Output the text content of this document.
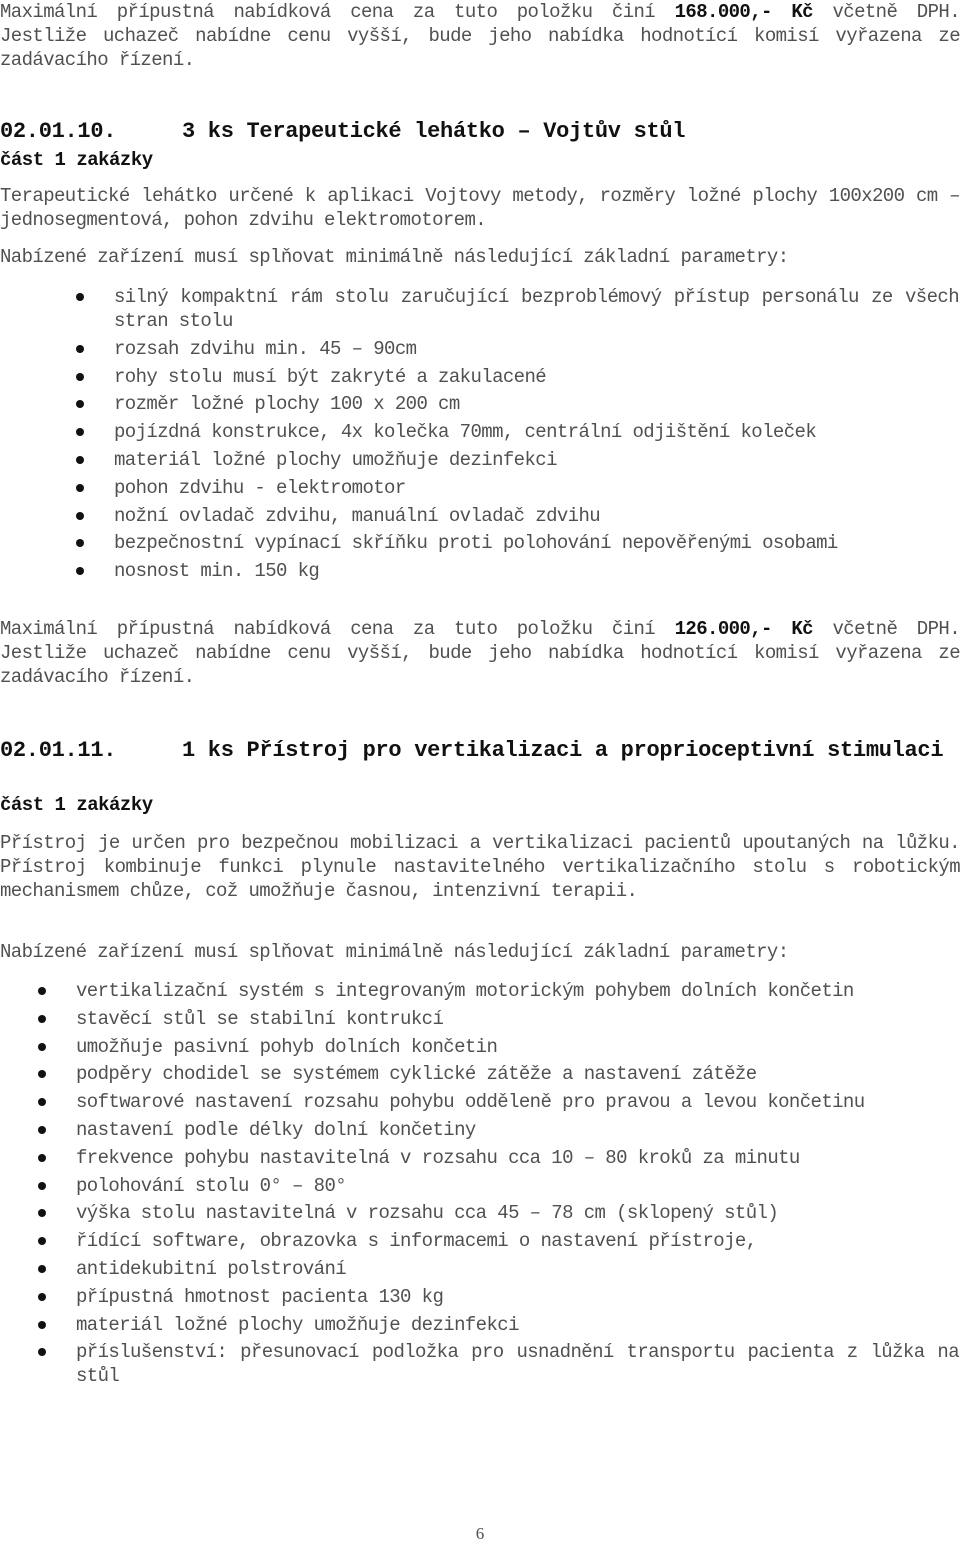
Maximální přípustná nabídková cena za tuto položku činí 168.000,- Kč včetně DPH. Jestliže uchazeč nabídne cenu vyšší, bude jeho nabídka hodnotící komisí vyřazena ze zadávacího řízení.

02.01.10.	3 ks Terapeutické lehátko – Vojtův stůl
část 1 zakázky

Terapeutické lehátko určené k aplikaci Vojtovy metody, rozměry ložné plochy 100x200 cm – jednosegmentová, pohon zdvihu elektromotorem.

Nabízené zařízení musí splňovat minimálně následující základní parametry:
silný kompaktní rám stolu zaručující bezproblémový přístup personálu ze všech stran stolu
rozsah zdvihu min. 45 – 90cm
rohy stolu musí být zakryté a zakulacené
rozměr ložné plochy 100 x 200 cm
pojízdná konstrukce, 4x kolečka 70mm, centrální odjištění koleček
materiál ložné plochy umožňuje dezinfekci
pohon zdvihu - elektromotor
nožní ovladač zdvihu, manuální ovladač zdvihu
bezpečnostní vypínací skříňku proti polohování nepověřenými osobami
nosnost min. 150 kg

Maximální přípustná nabídková cena za tuto položku činí 126.000,- Kč včetně DPH. Jestliže uchazeč nabídne cenu vyšší, bude jeho nabídka hodnotící komisí vyřazena ze zadávacího řízení.

02.01.11.	1 ks Přístroj pro vertikalizaci a proprioceptivní stimulaci
část 1 zakázky

Přístroj je určen pro bezpečnou mobilizaci a vertikalizaci pacientů upoutaných na lůžku. Přístroj kombinuje funkci plynule nastavitelného vertikalizačního stolu s robotickým mechanismem chůze, což umožňuje časnou, intenzivní terapii.

Nabízené zařízení musí splňovat minimálně následující základní parametry:
vertikalizační systém s integrovaným motorickým pohybem dolních končetin
stavěcí stůl se stabilní kontrukcí
umožňuje pasivní pohyb dolních končetin
podpěry chodidel se systémem cyklické zátěže a nastavení zátěže
softwarové nastavení rozsahu pohybu odděleně pro pravou a levou končetinu
nastavení podle délky dolní končetiny
frekvence pohybu nastavitelná v rozsahu cca 10 – 80 kroků za minutu
polohování stolu 0° – 80°
výška stolu nastavitelná v rozsahu cca 45 – 78 cm (sklopený stůl)
řídící software, obrazovka s informacemi o nastavení přístroje,
antidekubitní polstrování
přípustná hmotnost pacienta 130 kg
materiál ložné plochy umožňuje dezinfekci
příslušenství: přesunovací podložka pro usnadnění transportu pacienta z lůžka na stůl
6
